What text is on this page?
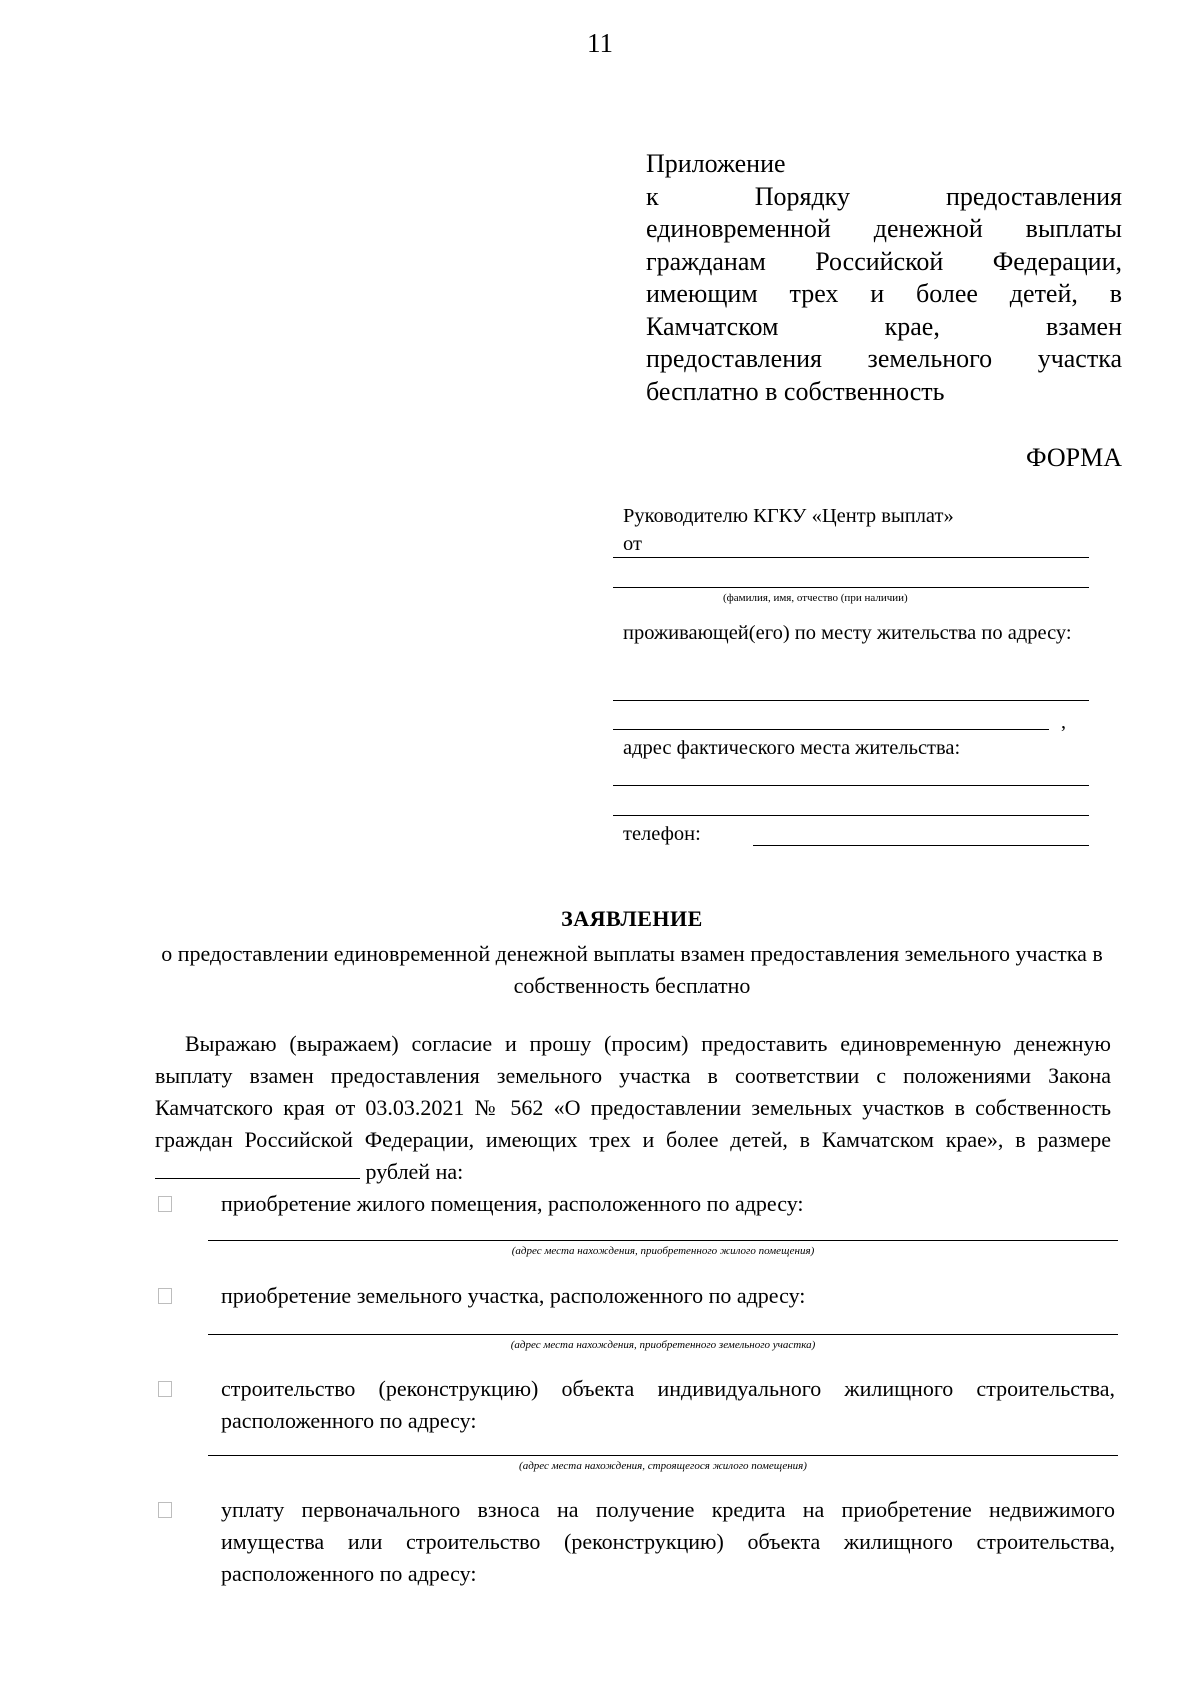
11
Приложение
к Порядку предоставления
единовременной денежной выплаты
гражданам Российской Федерации,
имеющим трех и более детей, в
Камчатском крае, взамен
предоставления земельного участка
бесплатно в собственность
ФОРМА
Руководителю КГКУ «Центр выплат»
от
(фамилия, имя, отчество (при наличии)
проживающей(его) по месту жительства по адресу:
,
адрес фактического места жительства:
телефон:
ЗАЯВЛЕНИЕ
о предоставлении единовременной денежной выплаты взамен предоставления земельного участка в собственность бесплатно
Выражаю (выражаем) согласие и прошу (просим) предоставить единовременную денежную выплату взамен предоставления земельного участка в соответствии с положениями Закона Камчатского края от 03.03.2021 № 562 «О предоставлении земельных участков в собственность граждан Российской Федерации, имеющих трех и более детей, в Камчатском крае», в размере  рублей на:
приобретение жилого помещения, расположенного по адресу:
(адрес места нахождения, приобретенного жилого помещения)
приобретение земельного участка, расположенного по адресу:
(адрес места нахождения, приобретенного земельного участка)
строительство (реконструкцию) объекта индивидуального жилищного строительства, расположенного по адресу:
(адрес места нахождения, строящегося жилого помещения)
уплату первоначального взноса на получение кредита на приобретение недвижимого имущества или строительство (реконструкцию) объекта жилищного строительства, расположенного по адресу:
